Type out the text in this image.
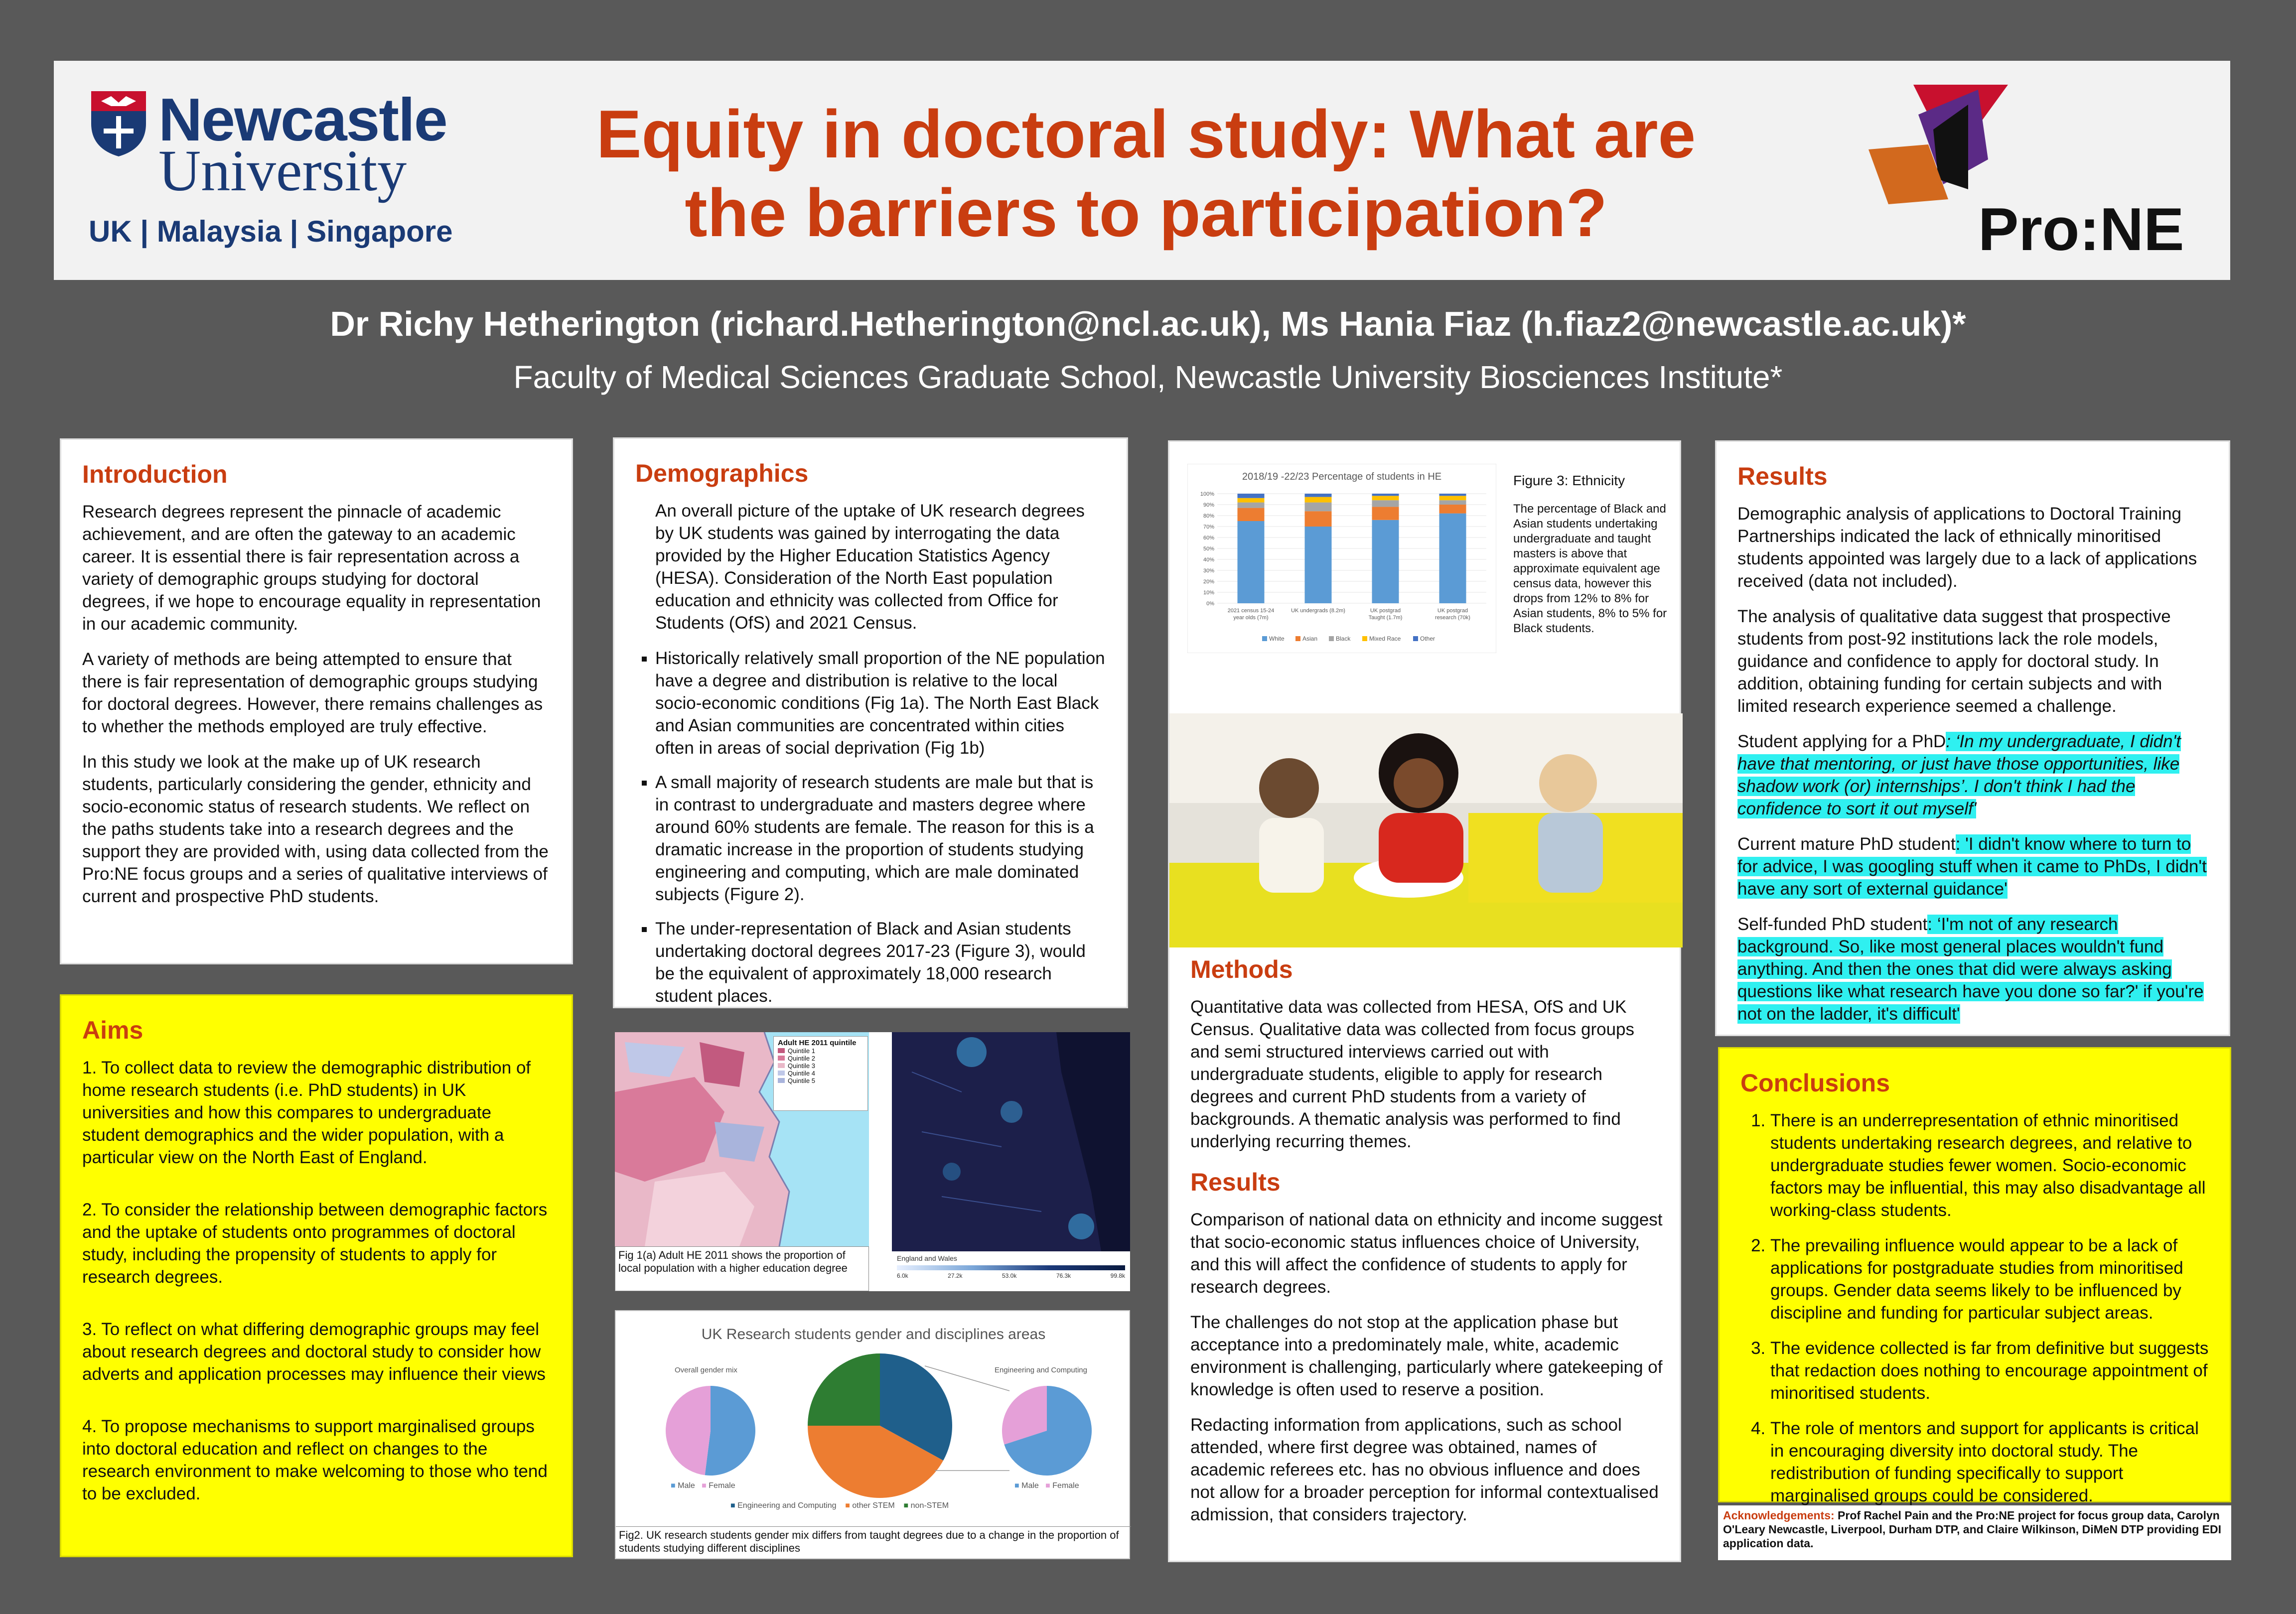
Newcastle
University
UK | Malaysia | Singapore
Equity in doctoral study: What are
the barriers to participation?	Pro:NE
Dr Richy Hetherington (richard.Hetherington@ncl.ac.uk), Ms Hania Fiaz (h.fiaz2@newcastle.ac.uk)*
Faculty of Medical Sciences Graduate School, Newcastle University Biosciences Institute*
Introduction

Research degrees represent the pinnacle of academic achievement, and are often the gateway to an academic career. It is essential there is fair representation across a variety of demographic groups studying for doctoral degrees, if we hope to encourage equality in representation in our academic community.

A variety of methods are being attempted to ensure that there is fair representation of demographic groups studying for doctoral degrees. However, there remains challenges as to whether the methods employed are truly effective.

In this study we look at the make up of UK research students, particularly considering the gender, ethnicity and socio-economic status of research students. We reflect on the paths students take into a research degrees and the support they are provided with, using data collected from the Pro:NE focus groups and a series of qualitative interviews of current and prospective PhD students.

Aims

1. To collect data to review the demographic distribution of home research students (i.e. PhD students) in UK universities and how this compares to undergraduate student demographics and the wider population, with a particular view on the North East of England.

2. To consider the relationship between demographic factors and the uptake of students onto programmes of doctoral study, including the propensity of students to apply for research degrees.

3. To reflect on what differing demographic groups may feel about research degrees and doctoral study to consider how adverts and application processes may influence their views

4. To propose mechanisms to support marginalised groups into doctoral education and reflect on changes to the research environment to make welcoming to those who tend to be excluded.

Demographics

An overall picture of the uptake of UK research degrees by UK students was gained by interrogating the data provided by the Higher Education Statistics Agency (HESA). Consideration of the North East population education and ethnicity was collected from Office for Students (OfS) and 2021 Census.

▪ Historically relatively small proportion of the NE population have a degree and distribution is relative to the local socio-economic conditions (Fig 1a). The North East Black and Asian communities are concentrated within cities often in areas of social deprivation (Fig 1b)
▪ A small majority of research students are male but that is in contrast to undergraduate and masters degree where around 60% students are female. The reason for this is a dramatic increase in the proportion of students studying engineering and computing, which are male dominated subjects (Figure 2).
▪ The under-representation of Black and Asian students undertaking doctoral degrees 2017-23 (Figure 3), would be the equivalent of approximately 18,000 research student places.
Adult HE 2011 quintile
Quintile 1
Quintile 2
Quintile 3
Quintile 4
Quintile 5
Fig 1(a) Adult HE 2011 shows the proportion of local population with a higher education degree
England and Wales
6.0k	27.2k	53.0k	76.3k	99.8k
UK Research students gender and disciplines areas
Overall gender mix	Engineering and Computing
■ Male ■ Female
■ Engineering and Computing ■ other STEM ■ non-STEM
■ Male ■ Female
Fig2. UK research students gender mix differs from taught degrees due to a change in the proportion of students studying different disciplines
2018/19 -22/23 Percentage of students in HE
0%
10%
20%
30%
40%
50%
60%
70%
80%
90%
100%
2021 census 15-24
year olds (7m)
UK undergrads (8.2m)	UK postgrad
Taught (1.7m)
UK postgrad
research (70k)
White	Asian	Black	Mixed Race	Other
Figure 3: Ethnicity
The percentage of Black and Asian students undertaking undergraduate and taught masters is above that approximate equivalent age census data, however this drops from 12% to 8% for Asian students, 8% to 5% for Black students.
Methods

Quantitative data was collected from HESA, OfS and UK Census. Qualitative data was collected from focus groups and semi structured interviews carried out with undergraduate students, eligible to apply for research degrees and current PhD students from a variety of backgrounds. A thematic analysis was performed to find underlying recurring themes.

Results

Comparison of national data on ethnicity and income suggest that socio-economic status influences choice of University, and this will affect the confidence of students to apply for research degrees.

The challenges do not stop at the application phase but acceptance into a predominately male, white, academic environment is challenging, particularly where gatekeeping of knowledge is often used to reserve a position.

Redacting information from applications, such as school attended, where first degree was obtained, names of academic referees etc. has no obvious influence and does not allow for a broader perception for informal contextualised admission, that considers trajectory.

Results

Demographic analysis of applications to Doctoral Training Partnerships indicated the lack of ethnically minoritised students appointed was largely due to a lack of applications received (data not included).

The analysis of qualitative data suggest that prospective students from post-92 institutions lack the role models, guidance and confidence to apply for doctoral study. In addition, obtaining funding for certain subjects and with limited research experience seemed a challenge.

Student applying for a PhD: ‘In my undergraduate, I didn't have that mentoring, or just have those opportunities, like shadow work (or) internships’. I don't think I had the confidence to sort it out myself'

Current mature PhD student: 'I didn't know where to turn to for advice, I was googling stuff when it came to PhDs, I didn't have any sort of external guidance'

Self-funded PhD student: ‘I'm not of any research background. So, like most general places wouldn't fund anything. And then the ones that did were always asking questions like what research have you done so far?' if you're not on the ladder, it's difficult'

Conclusions
1. There is an underrepresentation of ethnic minoritised students undertaking research degrees, and relative to undergraduate studies fewer women. Socio-economic factors may be influential, this may also disadvantage all working-class students.
2. The prevailing influence would appear to be a lack of applications for postgraduate studies from minoritised groups. Gender data seems likely to be influenced by discipline and funding for particular subject areas.
3. The evidence collected is far from definitive but suggests that redaction does nothing to encourage appointment of minoritised students.
4. The role of mentors and support for applicants is critical in encouraging diversity into doctoral study. The redistribution of funding specifically to support marginalised groups could be considered.
Acknowledgements: Prof Rachel Pain and the Pro:NE project for focus group data, Carolyn O'Leary Newcastle, Liverpool, Durham DTP, and Claire Wilkinson, DiMeN DTP providing EDI application data.
